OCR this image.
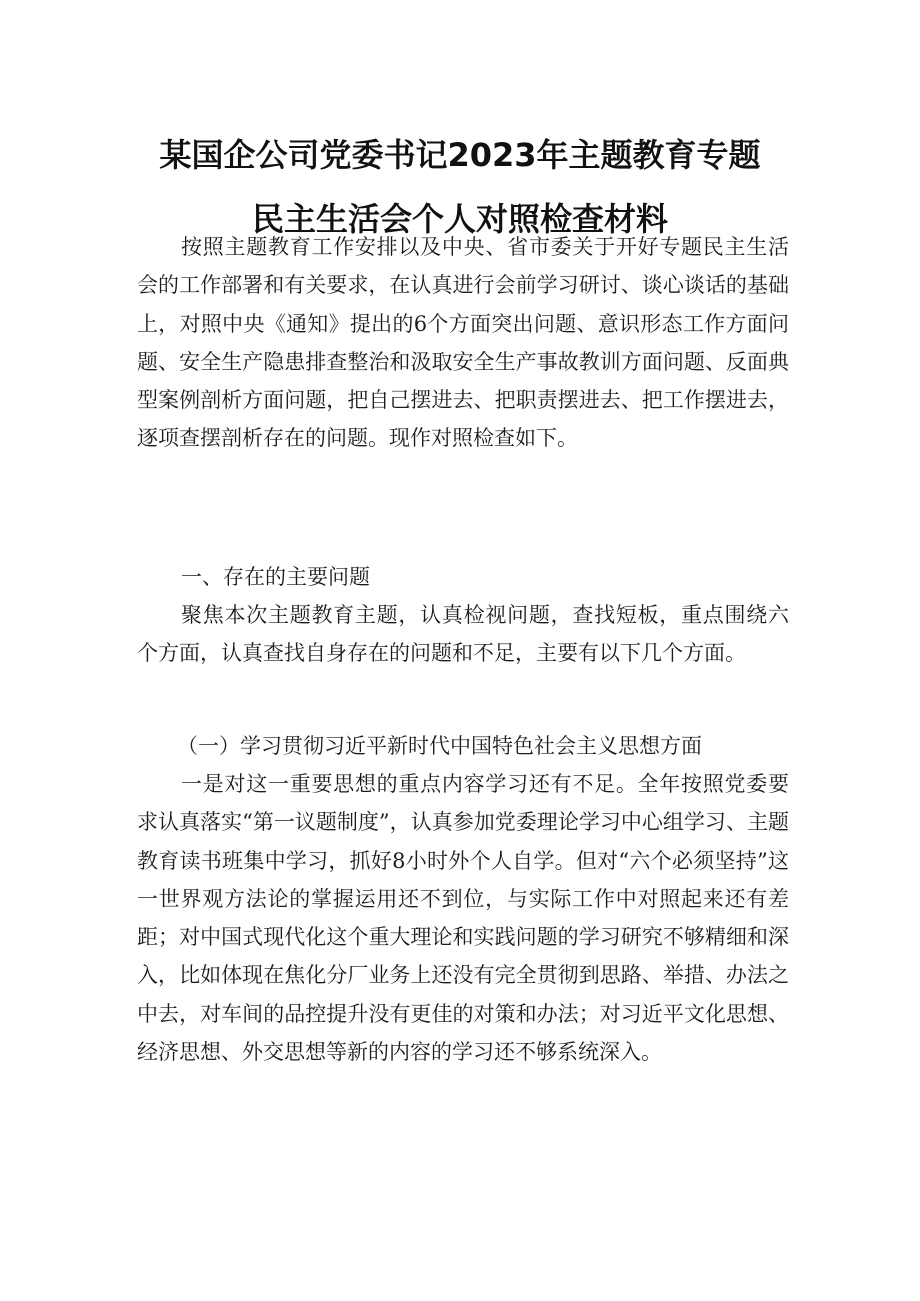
某国企公司党委书记2023年主题教育专题
民主生活会个人对照检查材料

按照主题教育工作安排以及中央、省市委关于开好专题民主生活会的工作部署和有关要求，在认真进行会前学习研讨、谈心谈话的基础上，对照中央《通知》提出的6个方面突出问题、意识形态工作方面问题、安全生产隐患排查整治和汲取安全生产事故教训方面问题、反面典型案例剖析方面问题，把自己摆进去、把职责摆进去、把工作摆进去，逐项查摆剖析存在的问题。现作对照检查如下。

一、存在的主要问题

聚焦本次主题教育主题，认真检视问题，查找短板，重点围绕六个方面，认真查找自身存在的问题和不足，主要有以下几个方面。

（一）学习贯彻习近平新时代中国特色社会主义思想方面

一是对这一重要思想的重点内容学习还有不足。全年按照党委要求认真落实“第一议题制度”，认真参加党委理论学习中心组学习、主题教育读书班集中学习，抓好8小时外个人自学。但对“六个必须坚持”这一世界观方法论的掌握运用还不到位，与实际工作中对照起来还有差距；对中国式现代化这个重大理论和实践问题的学习研究不够精细和深入，比如体现在焦化分厂业务上还没有完全贯彻到思路、举措、办法之中去，对车间的品控提升没有更佳的对策和办法；对习近平文化思想、经济思想、外交思想等新的内容的学习还不够系统深入。
